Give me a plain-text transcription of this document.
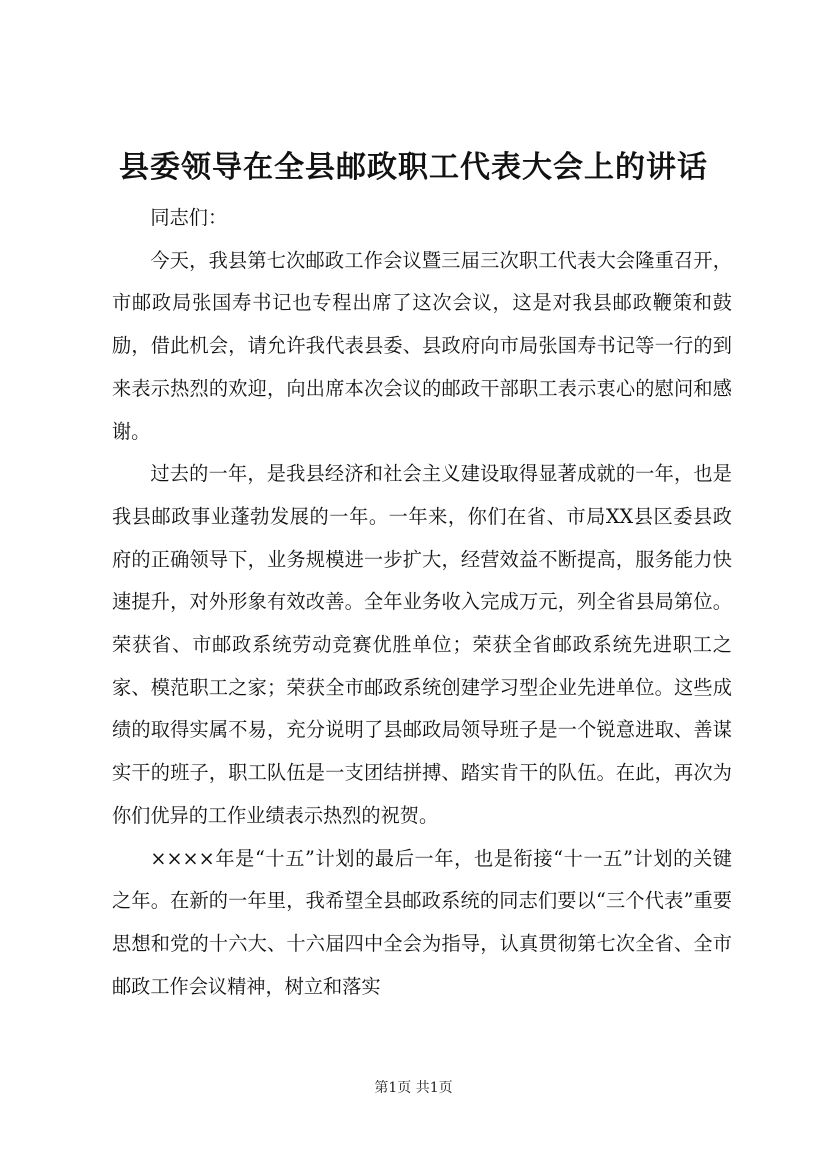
县委领导在全县邮政职工代表大会上的讲话

同志们：

今天，我县第七次邮政工作会议暨三届三次职工代表大会隆重召开，市邮政局张国寿书记也专程出席了这次会议，这是对我县邮政鞭策和鼓励，借此机会，请允许我代表县委、县政府向市局张国寿书记等一行的到来表示热烈的欢迎，向出席本次会议的邮政干部职工表示衷心的慰问和感谢。

过去的一年，是我县经济和社会主义建设取得显著成就的一年，也是我县邮政事业蓬勃发展的一年。一年来，你们在省、市局XX县区委县政府的正确领导下，业务规模进一步扩大，经营效益不断提高，服务能力快速提升，对外形象有效改善。全年业务收入完成万元，列全省县局第位。荣获省、市邮政系统劳动竞赛优胜单位；荣获全省邮政系统先进职工之家、模范职工之家；荣获全市邮政系统创建学习型企业先进单位。这些成绩的取得实属不易，充分说明了县邮政局领导班子是一个锐意进取、善谋实干的班子，职工队伍是一支团结拼搏、踏实肯干的队伍。在此，再次为你们优异的工作业绩表示热烈的祝贺。

××××年是“十五”计划的最后一年，也是衔接“十一五”计划的关键之年。在新的一年里，我希望全县邮政系统的同志们要以“三个代表”重要思想和党的十六大、十六届四中全会为指导，认真贯彻第七次全省、全市邮政工作会议精神，树立和落实

第1页 共1页
